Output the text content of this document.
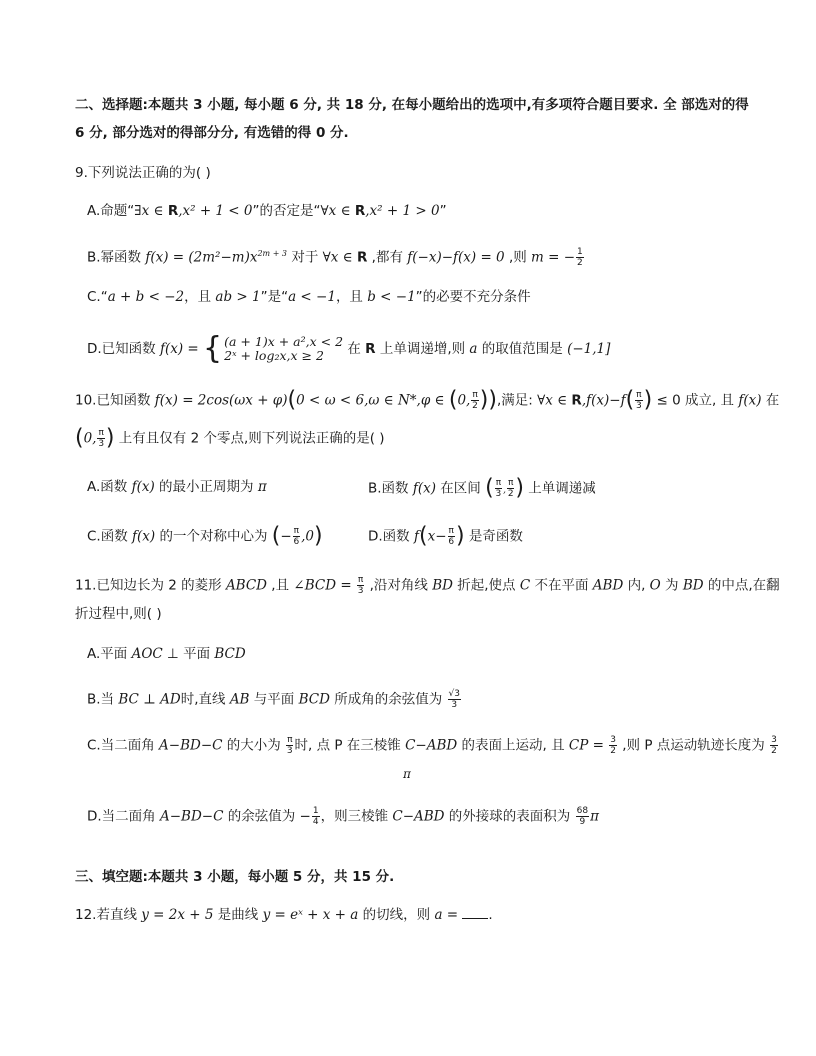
二、选择题:本题共 3 小题, 每小题 6 分, 共 18 分, 在每小题给出的选项中,有多项符合题目要求. 全 部选对的得
6 分, 部分选对的得部分分, 有选错的得 0 分.
9.下列说法正确的为( )
A.命题“∃x ∈ R,x² + 1 < 0”的否定是“∀x ∈ R,x² + 1 > 0”
B.幂函数 $f(x) = (2m^2-m)x^{2m + 3}$ 对于 ∀x ∈ R ,都有 f(−x)−f(x) = 0 ,则 m = − $\frac{1}{2}$
C.“a + b < −2，且 ab > 1”是“a < −1，且 b < −1”的必要不充分条件
D.已知函数 f(x) = { (a + 1)x + a²,x < 2
2ˣ + log₂x,x ≥ 2	在 R 上单调递增,则 a 的取值范围是 (−1,1]
10.已知函数 f(x) = 2cos(ωx + φ)(0 < ω < 6,ω ∈ N*,φ ∈ (0, $\frac{\pi}{2}$ )),满足: ∀x ∈ $R,f(x)-f( \frac{\pi}{3}$ ) ≤ 0 成立, 且 f(x) 在
(0, $\frac{\pi}{3}$ ) 上有且仅有 2 个零点,则下列说法正确的是( )
A.函数 f(x) 的最小正周期为 π	B.函数 f(x) 在区间 ( $\frac{\pi}{3}$ , $\frac{\pi}{2}$ ) 上单调递减
C.函数 f(x) 的一个对称中心为 (− $\frac{\pi}{6} ,0$)	D.函数 $f(x- \frac{\pi}{6}$ ) 是奇函数
11.已知边长为 2 的菱形 ABCD ,且 ∠BCD = $\frac{\pi}{3}$ ,沿对角线 BD 折起,使点 C 不在平面 ABD 内, O 为 BD 的中点,在翻
折过程中,则( )
A.平面 AOC ⊥ 平面 BCD
B.当 BC ⊥ AD时,直线 AB 与平面 BCD 所成角的余弦值为 $\frac{√3}{3}$
C.当二面角 A−BD−C 的大小为 $\frac{\pi}{3}$ 时, 点 P 在三棱锥 C−ABD 的表面上运动, 且 CP = $\frac{3}{2}$ ,则 P 点运动轨迹长度为 $\frac{3}{2}$
π
D.当二面角 A−BD−C 的余弦值为 − $\frac{1}{4}$ ，则三棱锥 C−ABD 的外接球的表面积为 $\frac{68}{9}$ π
三、填空题:本题共 3 小题，每小题 5 分，共 15 分.
12.若直线 y = 2x + 5 是曲线 y = eˣ + x + a 的切线，则 a = .
